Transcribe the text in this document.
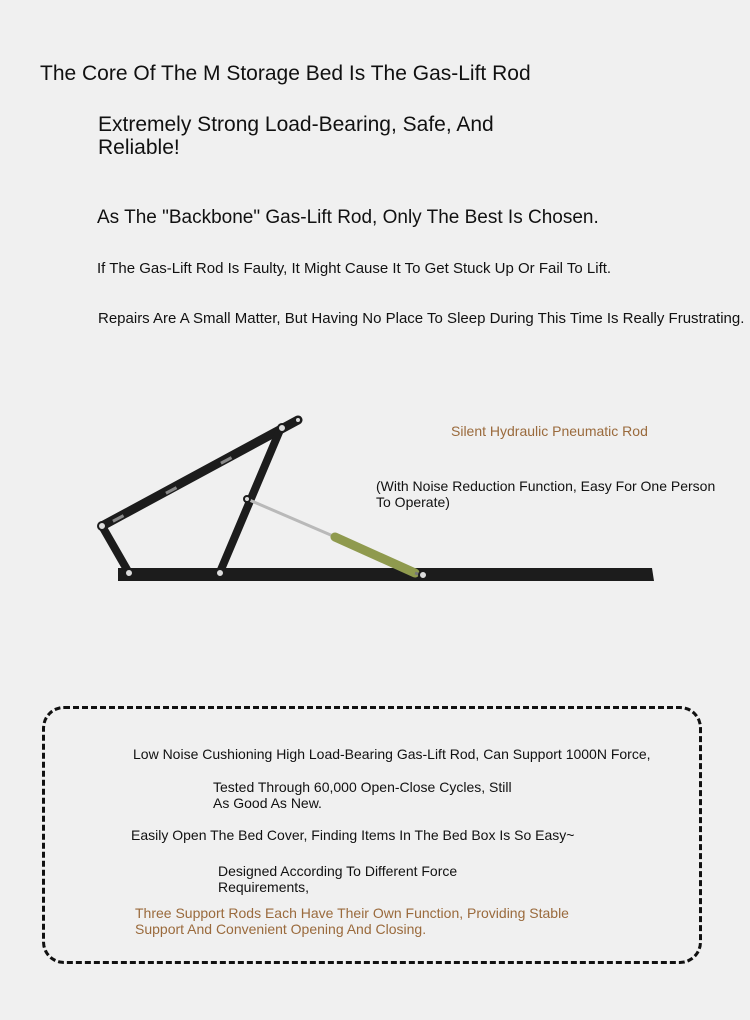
The Core Of The M Storage Bed Is The Gas-Lift Rod
Extremely Strong Load-Bearing, Safe, And Reliable!
As The "Backbone" Gas-Lift Rod, Only The Best Is Chosen.
If The Gas-Lift Rod Is Faulty, It Might Cause It To Get Stuck Up Or Fail To Lift.
Repairs Are A Small Matter, But Having No Place To Sleep During This Time Is Really Frustrating.
Silent Hydraulic Pneumatic Rod
(With Noise Reduction Function, Easy For One Person To Operate)
Low Noise Cushioning High Load-Bearing Gas-Lift Rod, Can Support 1000N Force,
Tested Through 60,000 Open-Close Cycles, Still As Good As New.
Easily Open The Bed Cover, Finding Items In The Bed Box Is So Easy~
Designed According To Different Force Requirements,
Three Support Rods Each Have Their Own Function, Providing Stable Support And Convenient Opening And Closing.
